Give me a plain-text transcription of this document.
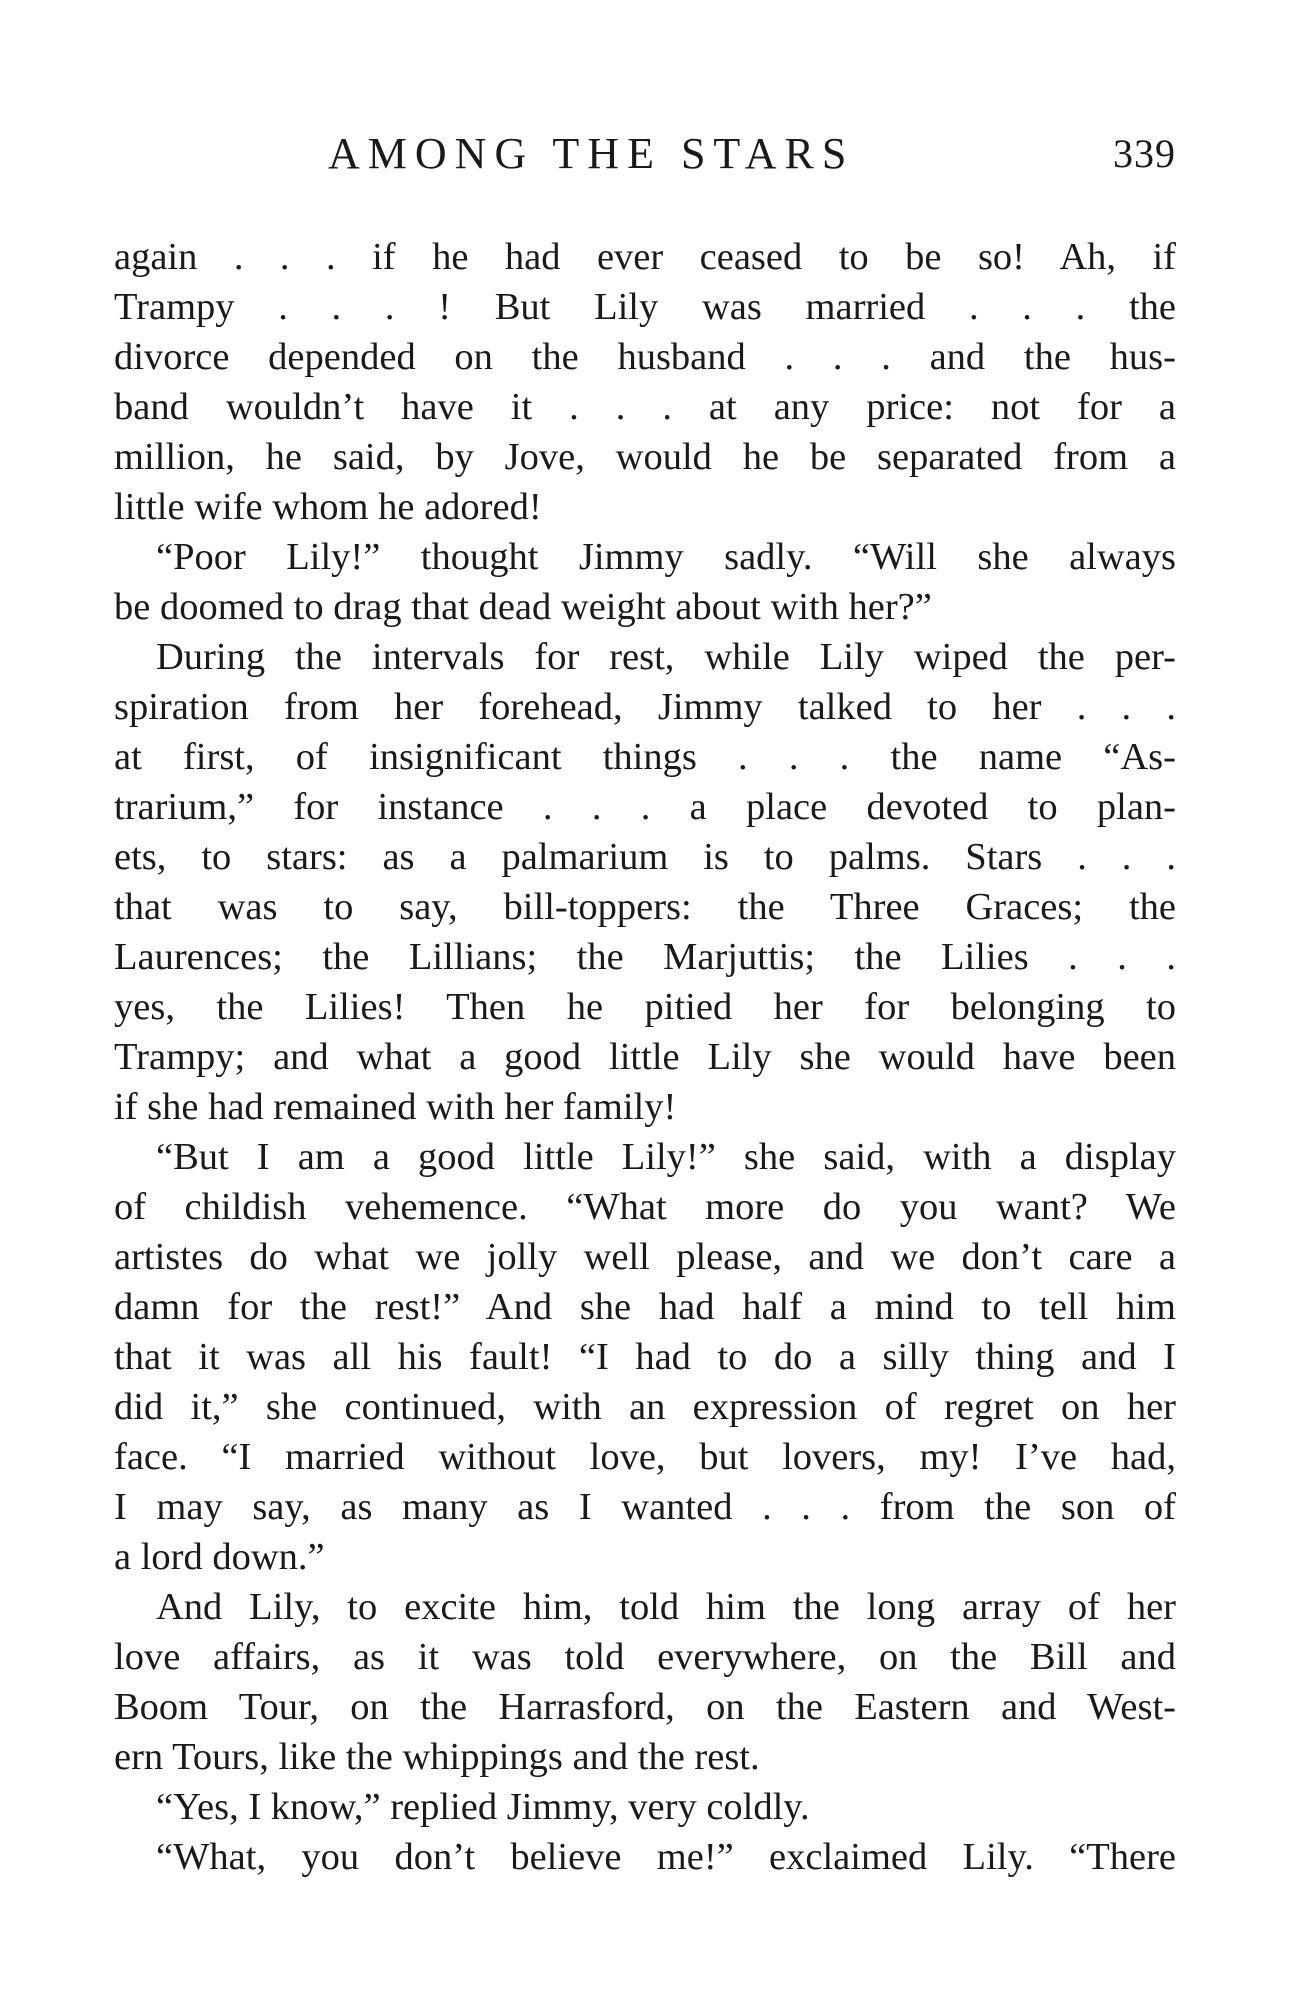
AMONG THE STARS	339
again . . . if he had ever ceased to be so! Ah, if
Trampy . . . ! But Lily was married . . . the
divorce depended on the husband . . . and the hus-
band wouldn’t have it . . . at any price: not for a
million, he said, by Jove, would he be separated from a
little wife whom he adored!
“Poor Lily!” thought Jimmy sadly. “Will she always
be doomed to drag that dead weight about with her?”
During the intervals for rest, while Lily wiped the per-
spiration from her forehead, Jimmy talked to her . . .
at first, of insignificant things . . . the name “As-
trarium,” for instance . . . a place devoted to plan-
ets, to stars: as a palmarium is to palms. Stars . . .
that was to say, bill-toppers: the Three Graces; the
Laurences; the Lillians; the Marjuttis; the Lilies . . .
yes, the Lilies! Then he pitied her for belonging to
Trampy; and what a good little Lily she would have been
if she had remained with her family!
“But I am a good little Lily!” she said, with a display
of childish vehemence. “What more do you want? We
artistes do what we jolly well please, and we don’t care a
damn for the rest!” And she had half a mind to tell him
that it was all his fault! “I had to do a silly thing and I
did it,” she continued, with an expression of regret on her
face. “I married without love, but lovers, my! I’ve had,
I may say, as many as I wanted . . . from the son of
a lord down.”
And Lily, to excite him, told him the long array of her
love affairs, as it was told everywhere, on the Bill and
Boom Tour, on the Harrasford, on the Eastern and West-
ern Tours, like the whippings and the rest.
“Yes, I know,” replied Jimmy, very coldly.
“What, you don’t believe me!” exclaimed Lily. “There
